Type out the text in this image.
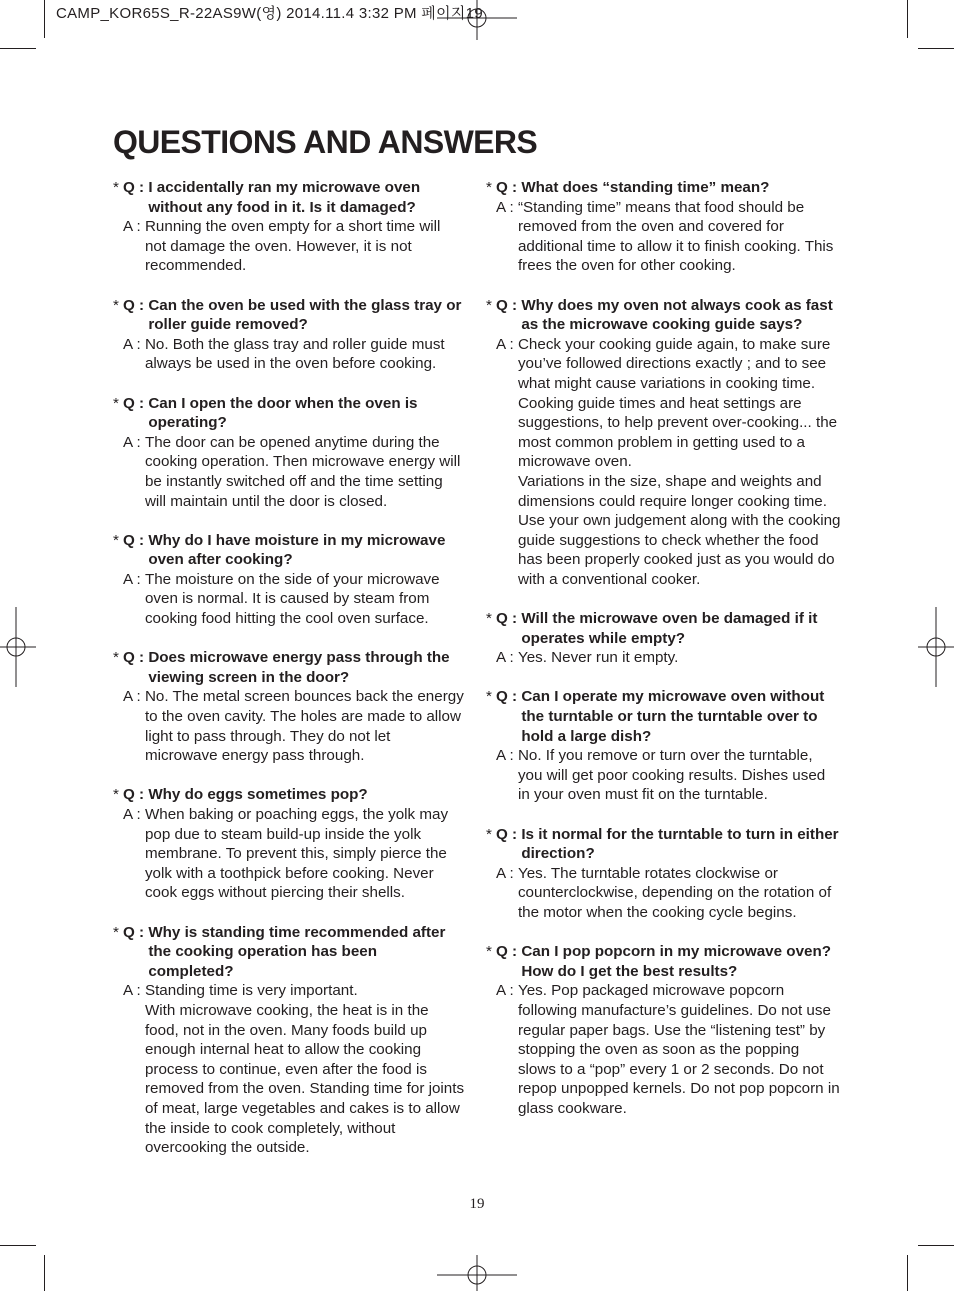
CAMP_KOR65S_R-22AS9W(영) 2014.11.4 3:32 PM 페이지19
QUESTIONS AND ANSWERS
* Q : I accidentally ran my microwave oven without any food in it. Is it damaged?
A : Running the oven empty for a short time will not damage the oven. However, it is not recommended.
* Q : Can the oven be used with the glass tray or roller guide removed?
A : No. Both the glass tray and roller guide must always be used in the oven before cooking.
* Q : Can I open the door when the oven is operating?
A : The door can be opened anytime during the cooking operation. Then microwave energy will be instantly switched off and the time setting will maintain until the door is closed.
* Q : Why do I have moisture in my microwave oven after cooking?
A : The moisture on the side of your microwave oven is normal. It is caused by steam from cooking food hitting the cool oven surface.
* Q : Does microwave energy pass through the viewing screen in the door?
A : No. The metal screen bounces back the energy to the oven cavity. The holes are made to allow light to pass through. They do not let microwave energy pass through.
* Q : Why do eggs sometimes pop?
A : When baking or poaching eggs, the yolk may pop due to steam build-up inside the yolk membrane. To prevent this, simply pierce the yolk with a toothpick before cooking. Never cook eggs without piercing their shells.
* Q : Why is standing time recommended after the cooking operation has been completed?
A : Standing time is very important.
With microwave cooking, the heat is in the food, not in the oven. Many foods build up enough internal heat to allow the cooking process to continue, even after the food is removed from the oven. Standing time for joints of meat, large vegetables and cakes is to allow the inside to cook completely, without overcooking the outside.
* Q : What does “standing time” mean?
A : “Standing time” means that food should be removed from the oven and covered for additional time to allow it to finish cooking. This frees the oven for other cooking.
* Q : Why does my oven not always cook as fast as the microwave cooking guide says?
A : Check your cooking guide again, to make sure you’ve followed directions exactly ; and to see what might cause variations in cooking time. Cooking guide times and heat settings are suggestions, to help prevent over-cooking... the most common problem in getting used to a microwave oven.
Variations in the size, shape and weights and dimensions could require longer cooking time. Use your own judgement along with the cooking guide suggestions to check whether the food has been properly cooked just as you would do with a conventional cooker.
* Q : Will the microwave oven be damaged if it operates while empty?
A : Yes. Never run it empty.
* Q : Can I operate my microwave oven without the turntable or turn the turntable over to hold a large dish?
A : No. If you remove or turn over the turntable, you will get poor cooking results. Dishes used in your oven must fit on the turntable.
* Q : Is it normal for the turntable to turn in either direction?
A : Yes. The turntable rotates clockwise or counterclockwise, depending on the rotation of the motor when the cooking cycle begins.
* Q : Can I pop popcorn in my microwave oven? How do I get the best results?
A : Yes. Pop packaged microwave popcorn following manufacture’s guidelines. Do not use regular paper bags. Use the “listening test” by stopping the oven as soon as the popping slows to a “pop” every 1 or 2 seconds. Do not repop unpopped kernels. Do not pop popcorn in glass cookware.
19
